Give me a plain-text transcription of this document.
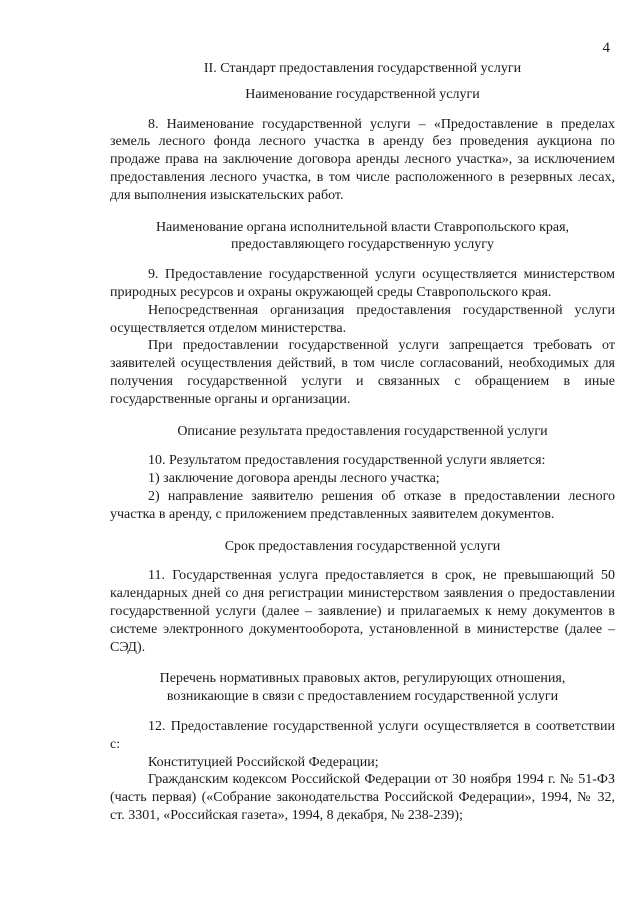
4

II. Стандарт предоставления государственной услуги

Наименование государственной услуги

8. Наименование государственной услуги – «Предоставление в пределах земель лесного фонда лесного участка в аренду без проведения аукциона по продаже права на заключение договора аренды лесного участка», за исключением предоставления лесного участка, в том числе расположенного в резервных лесах, для выполнения изыскательских работ.

Наименование органа исполнительной власти Ставропольского края, предоставляющего государственную услугу

9. Предоставление государственной услуги осуществляется министерством природных ресурсов и охраны окружающей среды Ставропольского края.

Непосредственная организация предоставления государственной услуги осуществляется отделом министерства.

При предоставлении государственной услуги запрещается требовать от заявителей осуществления действий, в том числе согласований, необходимых для получения государственной услуги и связанных с обращением в иные государственные органы и организации.

Описание результата предоставления государственной услуги

10. Результатом предоставления государственной услуги является:

1) заключение договора аренды лесного участка;

2) направление заявителю решения об отказе в предоставлении лесного участка в аренду, с приложением представленных заявителем документов.

Срок предоставления государственной услуги

11. Государственная услуга предоставляется в срок, не превышающий 50 календарных дней со дня регистрации министерством заявления о предоставлении государственной услуги (далее – заявление) и прилагаемых к нему документов в системе электронного документооборота, установленной в министерстве (далее – СЭД).

Перечень нормативных правовых актов, регулирующих отношения, возникающие в связи с предоставлением государственной услуги

12. Предоставление государственной услуги осуществляется в соответствии с:

Конституцией Российской Федерации;

Гражданским кодексом Российской Федерации от 30 ноября 1994 г. № 51-ФЗ (часть первая) («Собрание законодательства Российской Федерации», 1994, № 32, ст. 3301, «Российская газета», 1994, 8 декабря, № 238-239);
